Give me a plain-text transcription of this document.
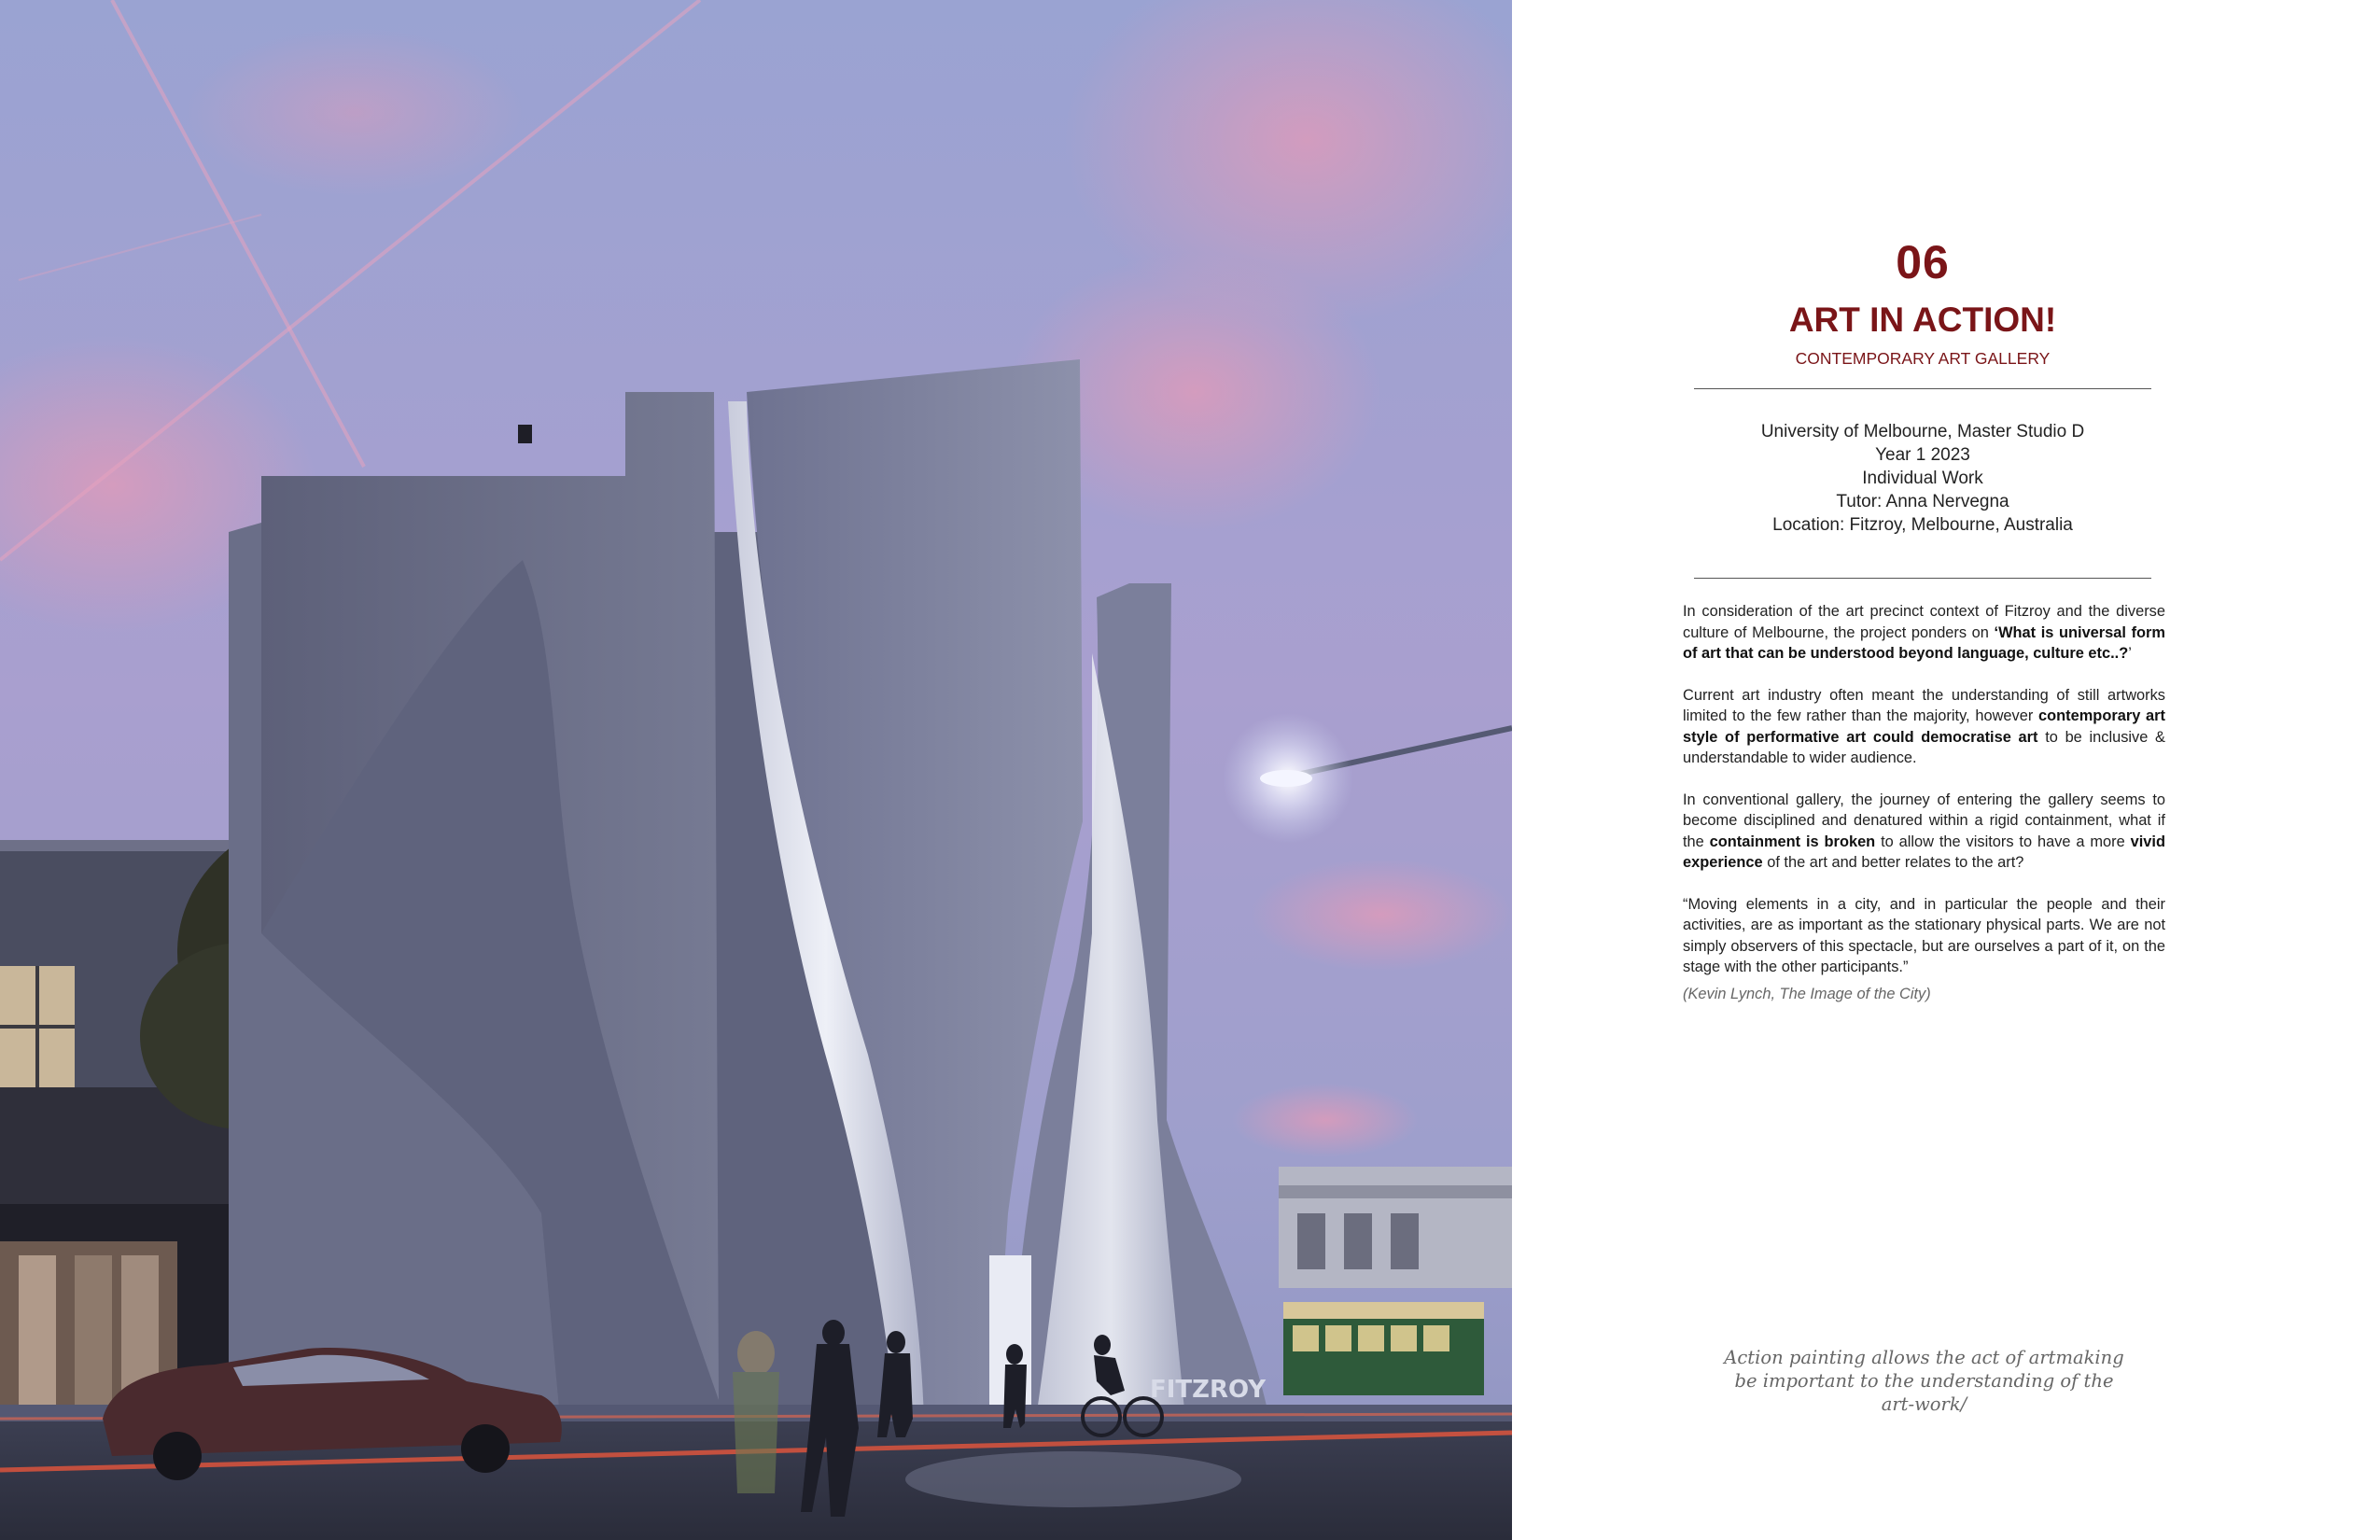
FITZROY
06
ART IN ACTION!
CONTEMPORARY ART GALLERY
University of Melbourne, Master Studio D
Year 1 2023
Individual Work
Tutor: Anna Nervegna
Location: Fitzroy, Melbourne, Australia

In consideration of the art precinct context of Fitzroy and the diverse culture of Melbourne, the project ponders on ‘What is universal form of art that can be understood beyond language, culture etc..?’

Current art industry often meant the understanding of still artworks limited to the few rather than the majority, however contemporary art style of performative art could democratise art to be inclusive & understandable to wider audience.

In conventional gallery, the journey of entering the gallery seems to become disciplined and denatured within a rigid containment, what if the containment is broken to allow the visitors to have a more vivid experience of the art and better relates to the art?

“Moving elements in a city, and in particular the people and their activities, are as important as the stationary physical parts. We are not simply observers of this spectacle, but are ourselves a part of it, on the stage with the other participants.”

(Kevin Lynch, The Image of the City)
Action painting allows the act of artmaking be important to the understanding of the art-work/
